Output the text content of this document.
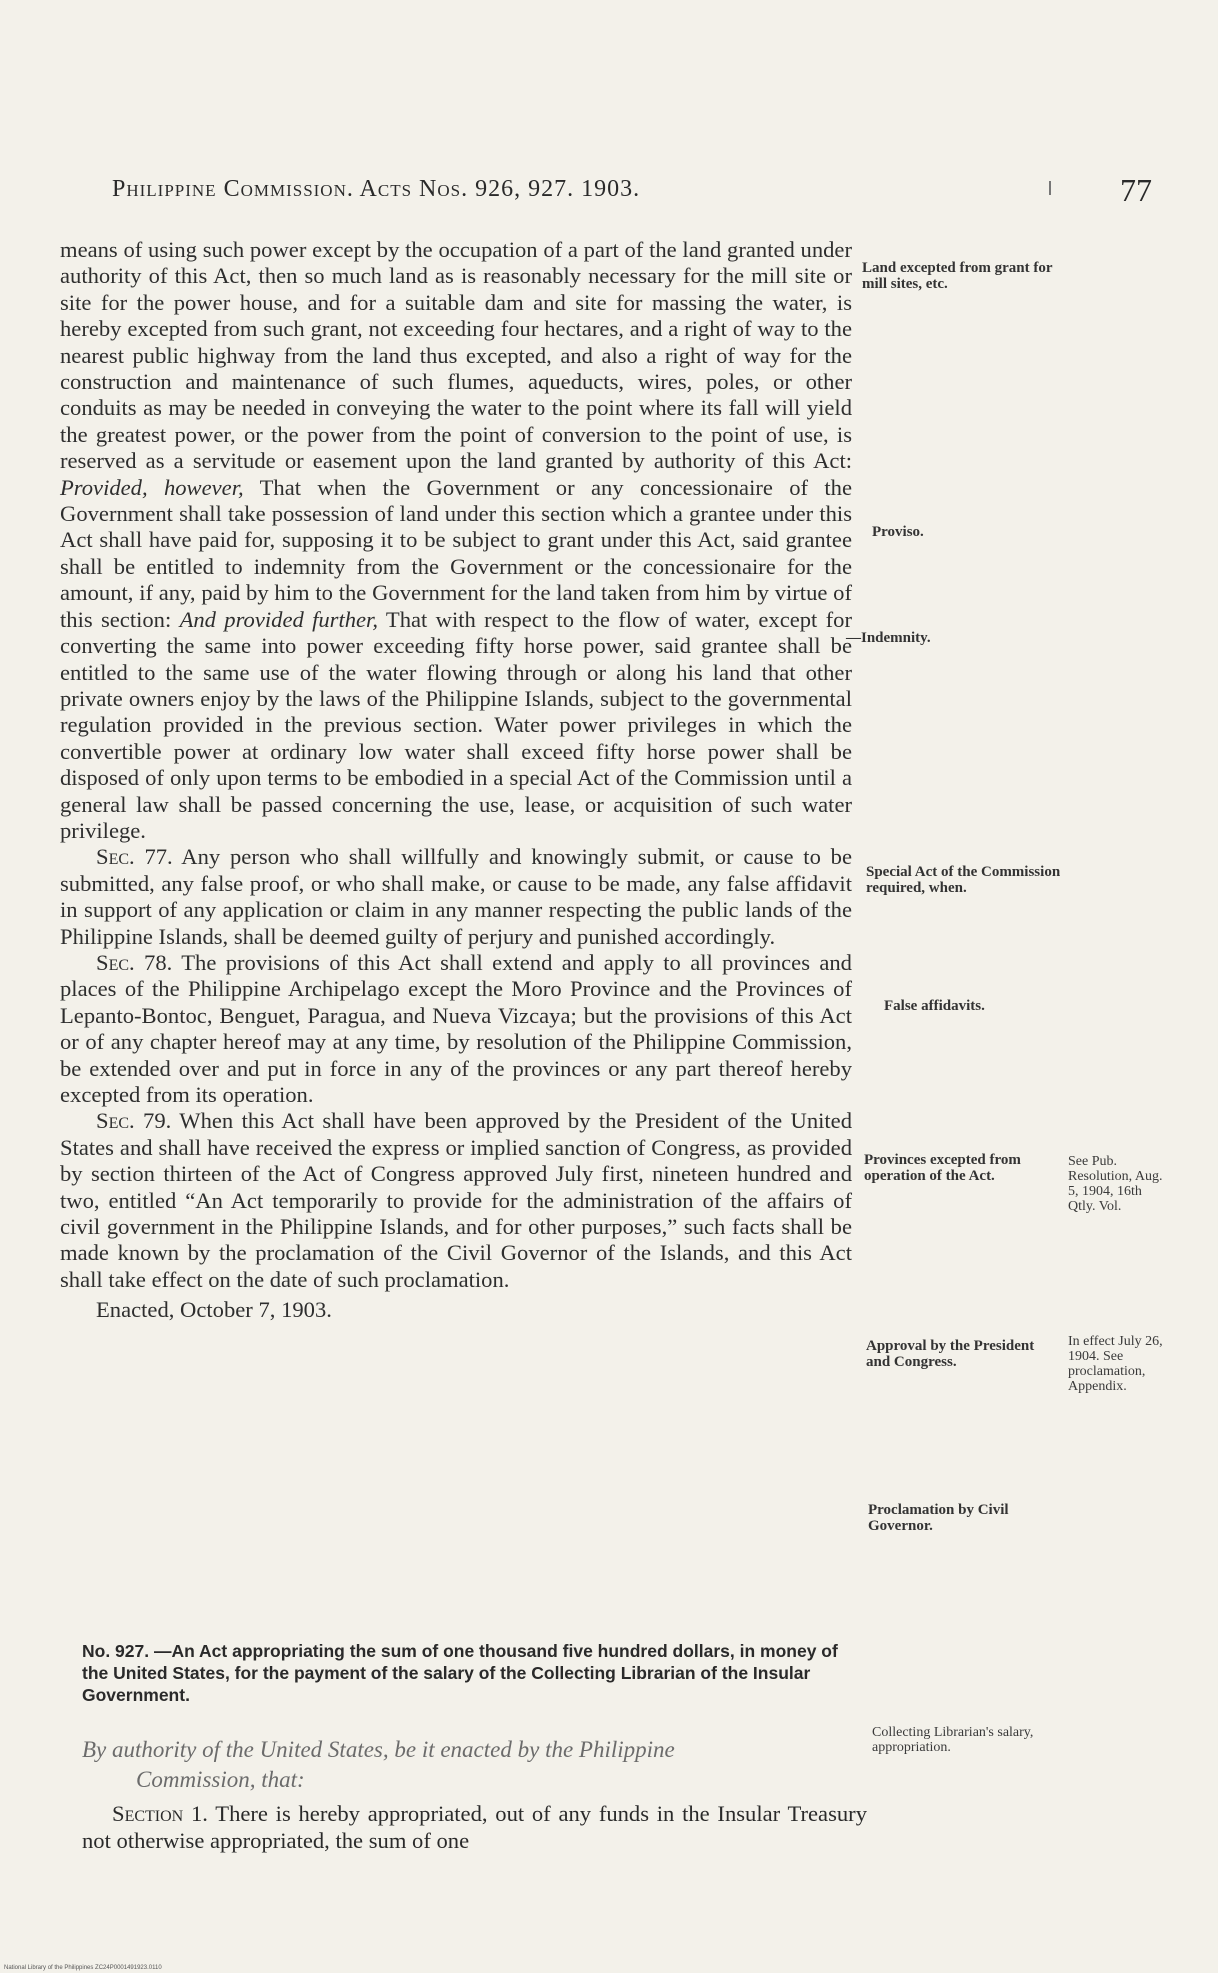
Philippine Commission. Acts Nos. 926, 927. 1903.	77

means of using such power except by the occupation of a part of the land granted under authority of this Act, then so much land as is reasonably necessary for the mill site or site for the power house, and for a suitable dam and site for massing the water, is hereby excepted from such grant, not exceeding four hectares, and a right of way to the nearest public highway from the land thus excepted, and also a right of way for the construction and maintenance of such flumes, aqueducts, wires, poles, or other conduits as may be needed in conveying the water to the point where its fall will yield the greatest power, or the power from the point of conversion to the point of use, is reserved as a servitude or easement upon the land granted by authority of this Act: Provided, however, That when the Government or any concessionaire of the Government shall take possession of land under this section which a grantee under this Act shall have paid for, supposing it to be subject to grant under this Act, said grantee shall be entitled to indemnity from the Government or the concessionaire for the amount, if any, paid by him to the Government for the land taken from him by virtue of this section: And provided further, That with respect to the flow of water, except for converting the same into power exceeding fifty horse power, said grantee shall be entitled to the same use of the water flowing through or along his land that other private owners enjoy by the laws of the Philippine Islands, subject to the governmental regulation provided in the previous section. Water power privileges in which the convertible power at ordinary low water shall exceed fifty horse power shall be disposed of only upon terms to be embodied in a special Act of the Commission until a general law shall be passed concerning the use, lease, or acquisition of such water privilege.

Sec. 77. Any person who shall willfully and knowingly submit, or cause to be submitted, any false proof, or who shall make, or cause to be made, any false affidavit in support of any application or claim in any manner respecting the public lands of the Philippine Islands, shall be deemed guilty of perjury and punished accordingly.

Sec. 78. The provisions of this Act shall extend and apply to all provinces and places of the Philippine Archipelago except the Moro Province and the Provinces of Lepanto-Bontoc, Benguet, Paragua, and Nueva Vizcaya; but the provisions of this Act or of any chapter hereof may at any time, by resolution of the Philippine Commission, be extended over and put in force in any of the provinces or any part thereof hereby excepted from its operation.

Sec. 79. When this Act shall have been approved by the President of the United States and shall have received the express or implied sanction of Congress, as provided by section thirteen of the Act of Congress approved July first, nineteen hundred and two, entitled “An Act temporarily to provide for the administration of the affairs of civil government in the Philippine Islands, and for other purposes,” such facts shall be made known by the proclamation of the Civil Governor of the Islands, and this Act shall take effect on the date of such proclamation.

Enacted, October 7, 1903.

Land excepted from grant for mill sites, etc.
Proviso.
—Indemnity.
Special Act of the Commission required, when.
False affidavits.
Provinces excepted from operation of the Act.
See Pub. Resolution, Aug. 5, 1904, 16th Qtly. Vol.
Approval by the President and Congress.
In effect July 26, 1904. See proclamation, Appendix.
Proclamation by Civil Governor.
Collecting Librarian's salary, appropriation.
No. 927. —An Act appropriating the sum of one thousand five hundred dollars, in money of the United States, for the payment of the salary of the Collecting Librarian of the Insular Government.
By authority of the United States, be it enacted by the Philippine
Commission, that:
Section 1. There is hereby appropriated, out of any funds in the Insular Treasury not otherwise appropriated, the sum of one
National Library of the Philippines ZC24P0001491923.0110
